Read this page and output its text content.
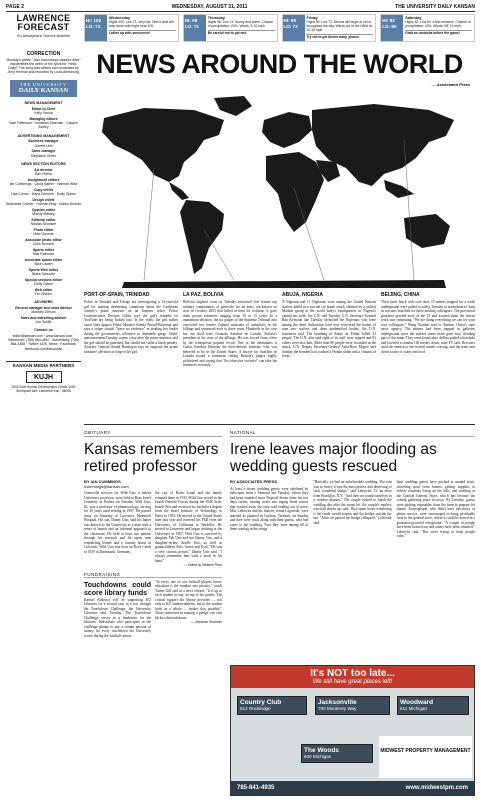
PAGE 2	WEDNESDAY, AUGUST 31, 2011	THE UNIVERSITY DAILY KANSAN
LAWRENCE
FORECAST
KU Atmospheric Science students
CORRECTION
Monday's article "Jazz band keeps classics alive" misidentifies the writer of the lyrics for "Hello, Dolly!" The song was written and composed by Jerry Herman and recorded by Louis Armstrong.
THE UNIVERSITY
DAILY KANSAN
NEWS MANAGEMENT
Editor-in-Chief
Kelly Stroda
Managing editors
Sam Patterson · Jonathan Shorman · Clayton Ashley
ADVERTISING MANAGEMENT
Business manager
Garrett Lent
Sales manager
Stephanie Green
NEWS SECTION EDITORS
Art director
Ben Pirrilla
Assignment editors
Ian Cummings · Laura Sather · Hannah Wise
Copy chiefs
Lisa Curran · Marla Demeris · Emily Glaser
Design chiefs
Stephanie Cramer · Hannah Bray · Bobby Nichols
Opinion editor
Mandy Matney
Editorial editor
Nikolas Shankee
Photo editor
Mike Gunnoe
Associate photo editor
Chris Bronson
Sports editor
Max Rothman
Associate sports editor
Mike Lavieri
Sports Web editor
Blake Schuster
Special sections editor
Emily Glaser
Web editor
Tim Shedor
ADVISERS
General manager and news adviser
Malcolm Gibson
Sales and marketing adviser
Jon Schlitt
Contact us
editor@kansan.com · www.kansan.com · Newsroom: (785) 864-4810 · Advertising: (785) 864-4358 · Twitter: UDK_News · Facebook: facebook.com/thekansan
KANSAN MEDIA PARTNERS
KUJH
2000 Dole Human Development Center 1000 Sunnyside Ave. Lawrence Kan., 66045
HI: 100
LO: 73
Wednesday
Highs 100. Low 73. Very hot. Direct heat will stay close with highs near 100.
Lather up with sunscreen!
HI: 98
LO: 71
Thursday
Highs 98. Low 74. Sunny and warm. Chance of precipitation: 20%. Winds: S 10 mph.
Be careful not to get wet.
HI: 96
LO: 72
Friday
Highs 96. Low 72. Storms will begin to roll in throughout the day. Winds out of the NNW at 10-15 mph.
Try not to get blown away, please.
HI: 82
LO: 60
Saturday
Highs 82. Low 60. A few showers. Chance of precipitation: 40%. Winds: NE 10 mph.
Grab an umbrella before the game!
NEWS AROUND THE WORLD
— Associated Press
PORT-OF-SPAIN, TRINIDAD
Police in Trinidad and Tobago are investigating a 14-year-old girl for making threatening comments about the Caribbean country's prime minister on an Internet video. Police Commissioner Dwayne Gibbs says the girl's remarks on YouTube are being looked into. In the video, the girl makes racial slurs against Prime Minister Kamla Persad-Bissessar and says a sniper should "leave no evidence" in stealing her leader during the government's offensive to dismantle gangs. Gibbs' announcement Tuesday comes a day after the prime minister said the girl should be punished, but should not suffer a harsh penalty. Attorney General Anand Ramlogan says he supports the prime minister's decision to forgive the girl.
LA PAZ, BOLIVIA
Bolivia's highest court on Tuesday convicted five former top military commanders of genocide for an army crackdown on riots in October 2003 that killed at least 64 civilians. It gave them prison sentences ranging from 10 to 15 years. In a unanimous decision, the six judges of the Supreme Tribunal also convicted two former Cabinet ministers of complicity in the killings and sentenced each to three years. Hundreds in the case but not tried were Gonzalo Sanchez de Lozada, Bolivia's president at the time of the killings. He was forced from office by the widespread popular revolt. One of the defendants is Carlos Sanchez Berzain, the then-defense minister, who was believed to be in the United States. A lawyer for Sanchez de Lozada issued a statement calling Bolivia's judges highly politicized and saying that "the objective violence" can take the sentences seriously.
ABUJA, NIGERIA
A Nigerian and 11 Nigerians were among the United Nations staffers killed in a suicide car bomb attack claimed by a radical Muslim group at the world body's headquarters in Nigeria's capital last week, the U.N. said Tuesday. U.N. Secretary-General Ban Ki-moon late Tuesday identified the Nigerians who were among the dead. Authorities have now recovered the bodies of nine new staffers and three unidentified bodies, the U.N. statement said. The bombing in Abuja on Friday killed 23 people. The U.N. also said eight of its staff were injured and 81 others were also hurt. More than 80 people were wounded in the attack. U.N. Deputy Secretary-General Asha-Rose Migiro said Sunday the bomber had crashed a Honda sedan and a column of Jeeps.
BEIJING, CHINA
Their faces black with coal dust, 15 miners trapped for a week underground were pulled to safety Tuesday in northeastern China as rescuers searched for three missing colleagues. The provincial governor greeted each of the 15 and assured them the rescue work was continuing. "We are doing everything we can for your four colleagues," Wang Xiankui said to Xinhua, China's state news agency. The miners had been trapped in galleries underground since the surface water main gave way, flooding part of the mine. They were found after drillers pulled a borehole and lowered a camera 160 meters down, state TV said. Rescuers used the camera to see several miners waving, and the team sent down a tube of water and food.
OBITUARY
Kansas remembers retired professor
BY IAN CUMMINGS
icummings@kansan.com
Greenville services for Wild Uno, a retired University professor, were held at Rose Israel Cemetery in Eudora on Tuesday. Wild Uno, 82, was a professor of pharmacology, serving for 30 years until retiring in 1997. He passed away on Saturday at Lawrence Memorial Hospital. His son, Danny Uno, said his father was known as the University as a man with a sense of humor and an informal approach to the classroom. He held at least two patents through his research and he spent time remodeling homes and a country house in Colorado. Wild Uno was born on Rock Creek in 1929 in Dartmouth, Germany.
the city of Haifa, Israel and the family returned there in 1933. Wild Uno served in the Israeli Defense Forces during the 1948 Arab-Israeli War and received his bachelor's degree from the Israel Institute of Technology in Haifa in 1953. He moved to the United States later that year and received his PhD from the University of California at Berkeley. He moved to Lawrence and began working at the University in 1967. Wild Uno is survived by daughter Yeh Uno and son Danny Uno, and a daughter-in-law Arielle Uno, as well as grandchildren Alex, Aaron and Eyal. "He was a very curious person," Danny Uno said. "I always remember him with a book in his hand."
— Edited by Stefanie Penn
FUNDRAISING
Touchdowns could score library funds
Kansas Athletics will be supporting KU Libraries for a second year in a row through the Touchdown Challenge, the University Libraries said Tuesday. The Touchdown Challenge serves as a fundraiser for the libraries. Individuals who participate in the challenge pledge to pay a certain amount of money for every touchdown the University scores during the football season.
"In every one of our football players know, education is the number one priority," coach Turner Gill said in a news release. "It is up to each student to stay on top of his grades. The critical support the library provides — not only to KU student-athletes, but to the student body as a whole — makes that possible." Those interested in making a pledge can visit lib.ku.edu/touchdown.
— Jonathan Shorman
NATIONAL
Irene leaves major flooding as wedding guests rescued
BY ASSOCIATED PRESS
At least a dozen wedding guests were sidelined by helicopter from a Vermont inn Tuesday, where they had been stranded since Tropical Storm Irene hit two days earlier, turning rivers into raging flood waters that washed away the only road leading out of town. Max Lebowitz and his fiancée, Jenna Lagowski, were married as planned in Grafton, Vermont, on Sunday and then were stuck along with their guests, who had come to the wedding. Now they were among 60 of them waiting in the wings.
"Basically we had an unbelievable wedding. The rain was so heavy it was the most perfect and deserving of such wonderful things," said Lebowitz, 31, an artist from Brooklyn, N.Y. "And then we found ourselves in a weather disaster." The couple rushed to finish the wedding day after the storm hit, the couple's mother, who had driven up, said. They spent hours wondering if the roads would reopen and the bridge outside the inn. "After we passed the bridge collapsed," Lebowitz said.
their wedding guests have pitched in around town, shoveling mud from homes, getting supplies to elderly residents living on the hills, and working at the Grafton General Store, which has become the central gathering place in town. By Tuesday, guests were picking vegetables from the farm to prepare for dinner. Townspeople, who didn't have electricity or phone service, were encouraged to bring perishable food to the general store, where it could be stored in a generator-powered refrigerator. "A couple of people have been hoisted out and others have been stranded," Lebowitz said. "But we're trying to keep people calm."
It's NOT too late...
We still have great places left!
Country Club
512 Rockledge
Jacksonville
700 Monterey Way
Woodward
611 Michigan
The Woods
630 Michigan
MIDWEST PROPERTY MANAGEMENT
785-841-4935	www.midwestpm.com
